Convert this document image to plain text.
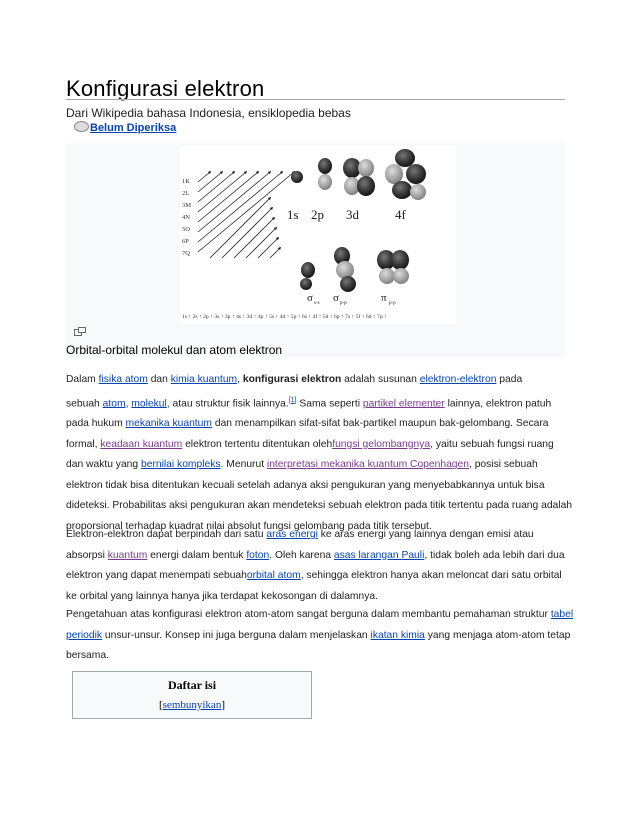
Konfigurasi elektron
Dari Wikipedia bahasa Indonesia, ensiklopedia bebas
Belum Diperiksa
1K
2L
3M
4N
5O
6P
7Q
1s 2p 3d	4f
σ s-s σ p-p	π p-p
1s ↑ 2s ↑ 2p ↑ 3s ↑ 3p ↑ 4s ↑ 3d ↑ 4p ↑ 5s ↑ 4d ↑ 5p ↑ 6s ↑ 4f ↑ 5d ↑ 6p ↑ 7s ↑ 5f ↑ 6d ↑ 7p ↑
Orbital-orbital molekul dan atom elektron

Dalam fisika atom dan kimia kuantum, konfigurasi elektron adalah susunan elektron-elektron pada

sebuah atom, molekul, atau struktur fisik lainnya.[1] Sama seperti partikel elementer lainnya, elektron patuh

pada hukum mekanika kuantum dan menampilkan sifat-sifat bak-partikel maupun bak-gelombang. Secara

formal, keadaan kuantum elektron tertentu ditentukan olehfungsi gelombangnya, yaitu sebuah fungsi ruang

dan waktu yang bernilai kompleks. Menurut interpretasi mekanika kuantum Copenhagen, posisi sebuah

elektron tidak bisa ditentukan kecuali setelah adanya aksi pengukuran yang menyebabkannya untuk bisa

dideteksi. Probabilitas aksi pengukuran akan mendeteksi sebuah elektron pada titik tertentu pada ruang adalah

proporsional terhadap kuadrat nilai absolut fungsi gelombang pada titik tersebut.

Elektron-elektron dapat berpindah dari satu aras energi ke aras energi yang lainnya dengan emisi atau

absorpsi kuantum energi dalam bentuk foton. Oleh karena asas larangan Pauli, tidak boleh ada lebih dari dua

elektron yang dapat menempati sebuahorbital atom, sehingga elektron hanya akan meloncat dari satu orbital

ke orbital yang lainnya hanya jika terdapat kekosongan di dalamnya.

Pengetahuan atas konfigurasi elektron atom-atom sangat berguna dalam membantu pemahaman struktur tabel

periodik unsur-unsur. Konsep ini juga berguna dalam menjelaskan ikatan kimia yang menjaga atom-atom tetap

bersama.

Daftar isi
[sembunyikan]
